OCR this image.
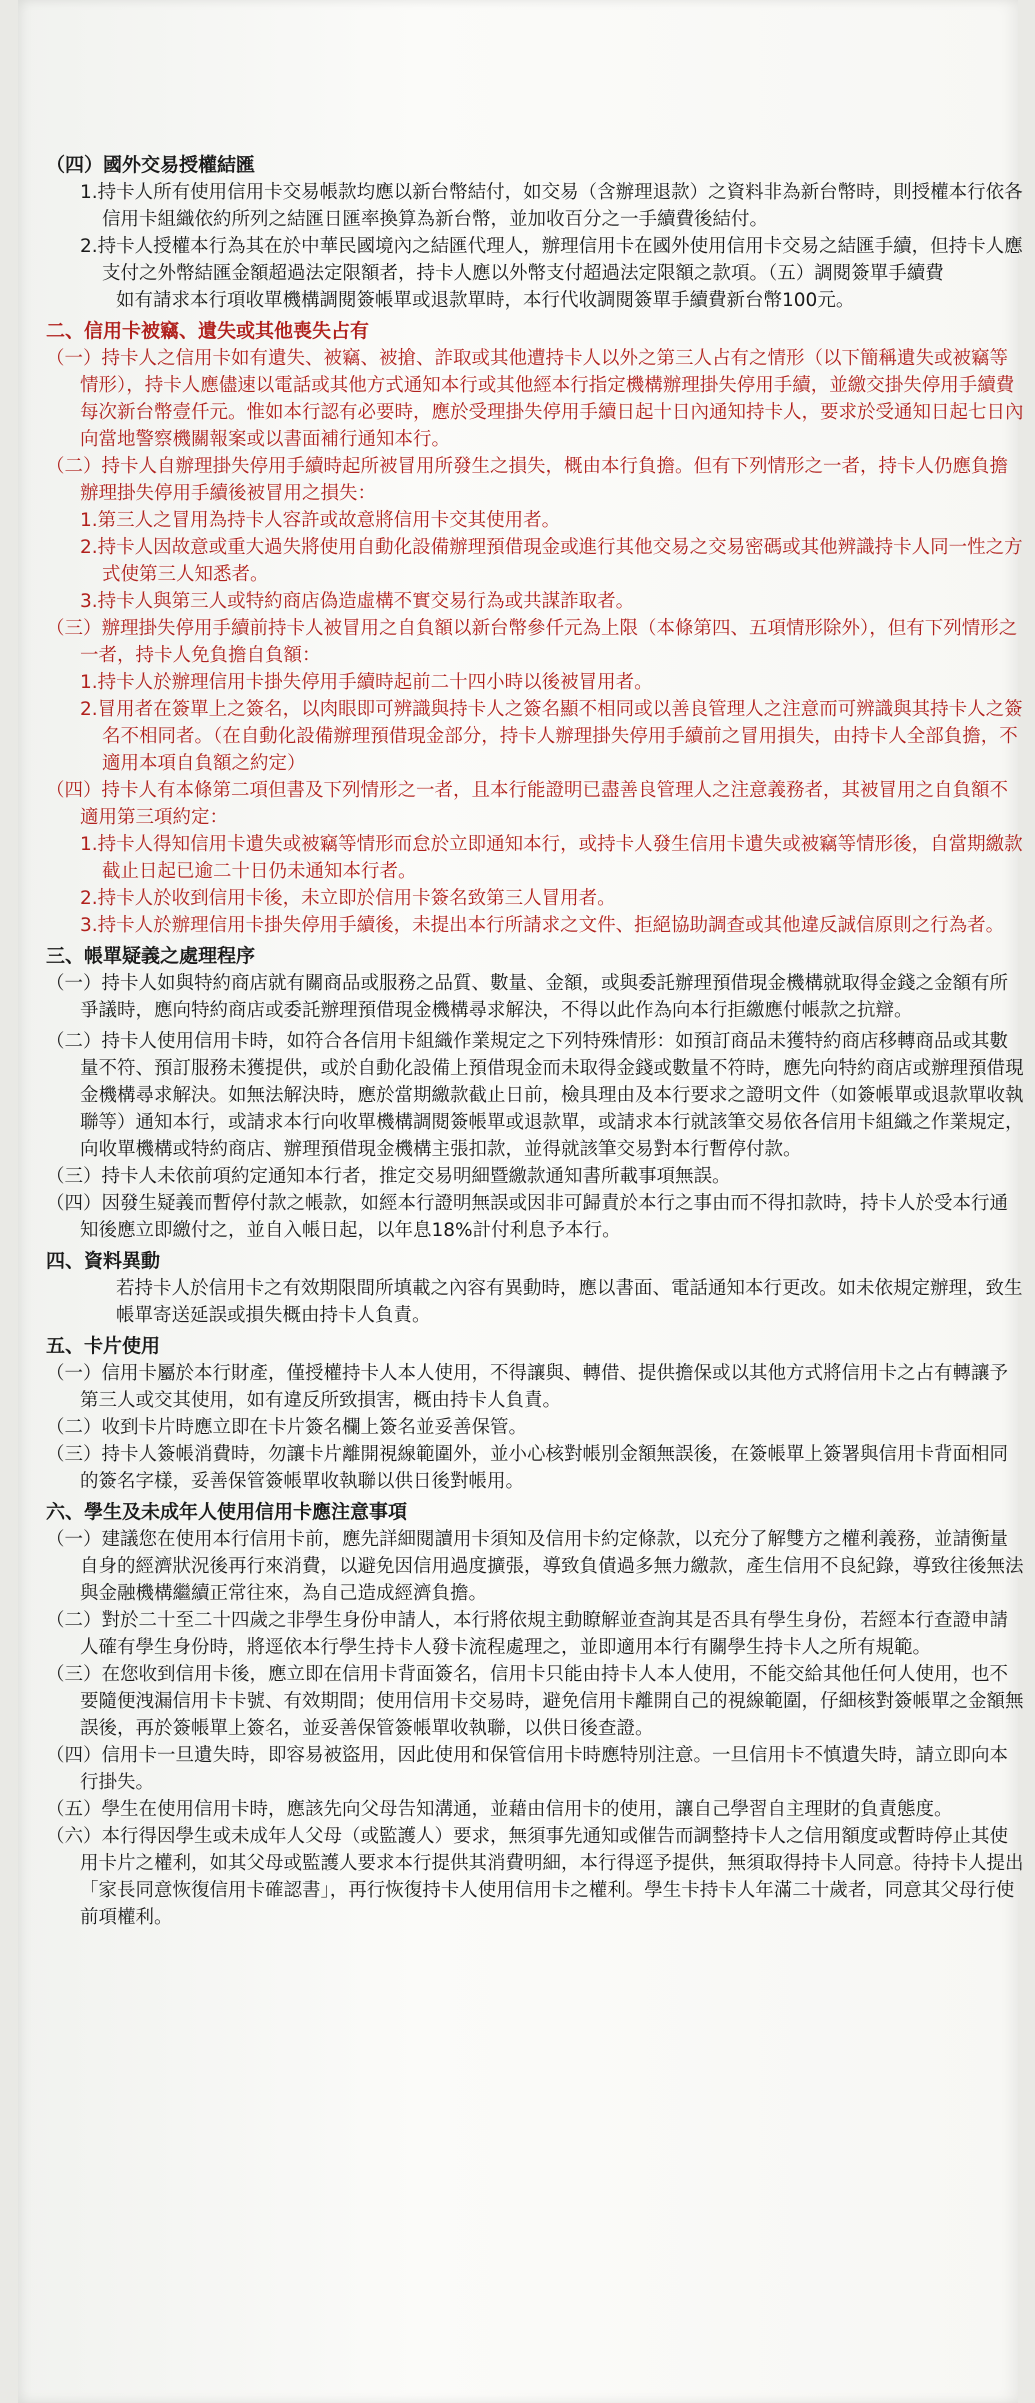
（四）國外交易授權結匯
1.持卡人所有使用信用卡交易帳款均應以新台幣結付，如交易（含辦理退款）之資料非為新台幣時，則授權本行依各信用卡組織依約所列之結匯日匯率換算為新台幣，並加收百分之一手續費後結付。
2.持卡人授權本行為其在於中華民國境內之結匯代理人，辦理信用卡在國外使用信用卡交易之結匯手續，但持卡人應支付之外幣結匯金額超過法定限額者，持卡人應以外幣支付超過法定限額之款項。（五）調閱簽單手續費
如有請求本行項收單機構調閱簽帳單或退款單時，本行代收調閱簽單手續費新台幣100元。
二、信用卡被竊、遺失或其他喪失占有
（一）持卡人之信用卡如有遺失、被竊、被搶、詐取或其他遭持卡人以外之第三人占有之情形（以下簡稱遺失或被竊等情形），持卡人應儘速以電話或其他方式通知本行或其他經本行指定機構辦理掛失停用手續，並繳交掛失停用手續費每次新台幣壹仟元。惟如本行認有必要時，應於受理掛失停用手續日起十日內通知持卡人，要求於受通知日起七日內向當地警察機關報案或以書面補行通知本行。
（二）持卡人自辦理掛失停用手續時起所被冒用所發生之損失，概由本行負擔。但有下列情形之一者，持卡人仍應負擔辦理掛失停用手續後被冒用之損失：
1.第三人之冒用為持卡人容許或故意將信用卡交其使用者。
2.持卡人因故意或重大過失將使用自動化設備辦理預借現金或進行其他交易之交易密碼或其他辨識持卡人同一性之方式使第三人知悉者。
3.持卡人與第三人或特約商店偽造虛構不實交易行為或共謀詐取者。
（三）辦理掛失停用手續前持卡人被冒用之自負額以新台幣參仟元為上限（本條第四、五項情形除外），但有下列情形之一者，持卡人免負擔自負額：
1.持卡人於辦理信用卡掛失停用手續時起前二十四小時以後被冒用者。
2.冒用者在簽單上之簽名，以肉眼即可辨識與持卡人之簽名顯不相同或以善良管理人之注意而可辨識與其持卡人之簽名不相同者。（在自動化設備辦理預借現金部分，持卡人辦理掛失停用手續前之冒用損失，由持卡人全部負擔，不適用本項自負額之約定）
（四）持卡人有本條第二項但書及下列情形之一者，且本行能證明已盡善良管理人之注意義務者，其被冒用之自負額不適用第三項約定：
1.持卡人得知信用卡遺失或被竊等情形而怠於立即通知本行，或持卡人發生信用卡遺失或被竊等情形後，自當期繳款截止日起已逾二十日仍未通知本行者。
2.持卡人於收到信用卡後，未立即於信用卡簽名致第三人冒用者。
3.持卡人於辦理信用卡掛失停用手續後，未提出本行所請求之文件、拒絕協助調查或其他違反誠信原則之行為者。
三、帳單疑義之處理程序
（一）持卡人如與特約商店就有關商品或服務之品質、數量、金額，或與委託辦理預借現金機構就取得金錢之金額有所爭議時，應向特約商店或委託辦理預借現金機構尋求解決，不得以此作為向本行拒繳應付帳款之抗辯。
（二）持卡人使用信用卡時，如符合各信用卡組織作業規定之下列特殊情形：如預訂商品未獲特約商店移轉商品或其數量不符、預訂服務未獲提供，或於自動化設備上預借現金而未取得金錢或數量不符時，應先向特約商店或辦理預借現金機構尋求解決。如無法解決時，應於當期繳款截止日前，檢具理由及本行要求之證明文件（如簽帳單或退款單收執聯等）通知本行，或請求本行向收單機構調閱簽帳單或退款單，或請求本行就該筆交易依各信用卡組織之作業規定，向收單機構或特約商店、辦理預借現金機構主張扣款，並得就該筆交易對本行暫停付款。
（三）持卡人未依前項約定通知本行者，推定交易明細暨繳款通知書所載事項無誤。
（四）因發生疑義而暫停付款之帳款，如經本行證明無誤或因非可歸責於本行之事由而不得扣款時，持卡人於受本行通知後應立即繳付之，並自入帳日起，以年息18%計付利息予本行。
四、資料異動
若持卡人於信用卡之有效期限間所填載之內容有異動時，應以書面、電話通知本行更改。如未依規定辦理，致生帳單寄送延誤或損失概由持卡人負責。
五、卡片使用
（一）信用卡屬於本行財產，僅授權持卡人本人使用，不得讓與、轉借、提供擔保或以其他方式將信用卡之占有轉讓予第三人或交其使用，如有違反所致損害，概由持卡人負責。
（二）收到卡片時應立即在卡片簽名欄上簽名並妥善保管。
（三）持卡人簽帳消費時，勿讓卡片離開視線範圍外，並小心核對帳別金額無誤後，在簽帳單上簽署與信用卡背面相同的簽名字樣，妥善保管簽帳單收執聯以供日後對帳用。
六、學生及未成年人使用信用卡應注意事項
（一）建議您在使用本行信用卡前，應先詳細閱讀用卡須知及信用卡約定條款，以充分了解雙方之權利義務，並請衡量自身的經濟狀況後再行來消費，以避免因信用過度擴張，導致負債過多無力繳款，產生信用不良紀錄，導致往後無法與金融機構繼續正常往來，為自己造成經濟負擔。
（二）對於二十至二十四歲之非學生身份申請人，本行將依規主動瞭解並查詢其是否具有學生身份，若經本行查證申請人確有學生身份時，將逕依本行學生持卡人發卡流程處理之，並即適用本行有關學生持卡人之所有規範。
（三）在您收到信用卡後，應立即在信用卡背面簽名，信用卡只能由持卡人本人使用，不能交給其他任何人使用，也不要隨便洩漏信用卡卡號、有效期間；使用信用卡交易時，避免信用卡離開自己的視線範圍，仔細核對簽帳單之金額無誤後，再於簽帳單上簽名，並妥善保管簽帳單收執聯，以供日後查證。
（四）信用卡一旦遺失時，即容易被盜用，因此使用和保管信用卡時應特別注意。一旦信用卡不慎遺失時，請立即向本行掛失。
（五）學生在使用信用卡時，應該先向父母告知溝通，並藉由信用卡的使用，讓自己學習自主理財的負責態度。
（六）本行得因學生或未成年人父母（或監護人）要求，無須事先通知或催告而調整持卡人之信用額度或暫時停止其使用卡片之權利，如其父母或監護人要求本行提供其消費明細，本行得逕予提供，無須取得持卡人同意。待持卡人提出「家長同意恢復信用卡確認書」，再行恢復持卡人使用信用卡之權利。學生卡持卡人年滿二十歲者，同意其父母行使前項權利。
